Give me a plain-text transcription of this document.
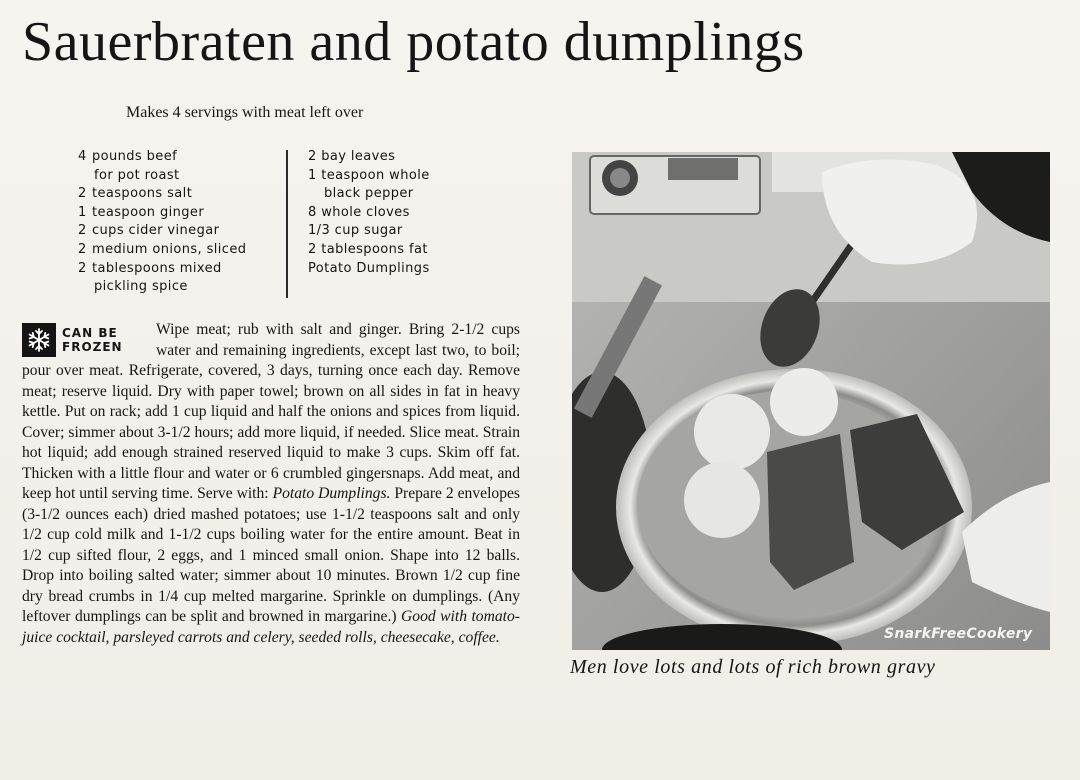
Sauerbraten and potato dumplings
Makes 4 servings with meat left over
4 pounds beef
for pot roast
2 teaspoons salt
1 teaspoon ginger
2 cups cider vinegar
2 medium onions, sliced
2 tablespoons mixed
pickling spice
2 bay leaves
1 teaspoon whole
black pepper
8 whole cloves
1/3 cup sugar
2 tablespoons fat
Potato Dumplings
CAN BE
FROZEN

Wipe meat; rub with salt and ginger. Bring 2-1/2 cups water and remaining ingredients, except last two, to boil; pour over meat. Refrigerate, covered, 3 days, turning once each day. Remove meat; reserve liquid. Dry with paper towel; brown on all sides in fat in heavy kettle. Put on rack; add 1 cup liquid and half the onions and spices from liquid. Cover; simmer about 3-1/2 hours; add more liquid, if needed. Slice meat. Strain hot liquid; add enough strained reserved liquid to make 3 cups. Skim off fat. Thicken with a little flour and water or 6 crumbled gingersnaps. Add meat, and keep hot until serving time. Serve with: Potato Dumplings. Prepare 2 envelopes (3-1/2 ounces each) dried mashed potatoes; use 1-1/2 teaspoons salt and only 1/2 cup cold milk and 1-1/2 cups boiling water for the entire amount. Beat in 1/2 cup sifted flour, 2 eggs, and 1 minced small onion. Shape into 12 balls. Drop into boiling salted water; simmer about 10 minutes. Brown 1/2 cup fine dry bread crumbs in 1/4 cup melted margarine. Sprinkle on dumplings. (Any leftover dumplings can be split and browned in margarine.) Good with tomato-juice cocktail, parsleyed carrots and celery, seeded rolls, cheesecake, coffee.	SnarkFreeCookery
Men love lots and lots of rich brown gravy
